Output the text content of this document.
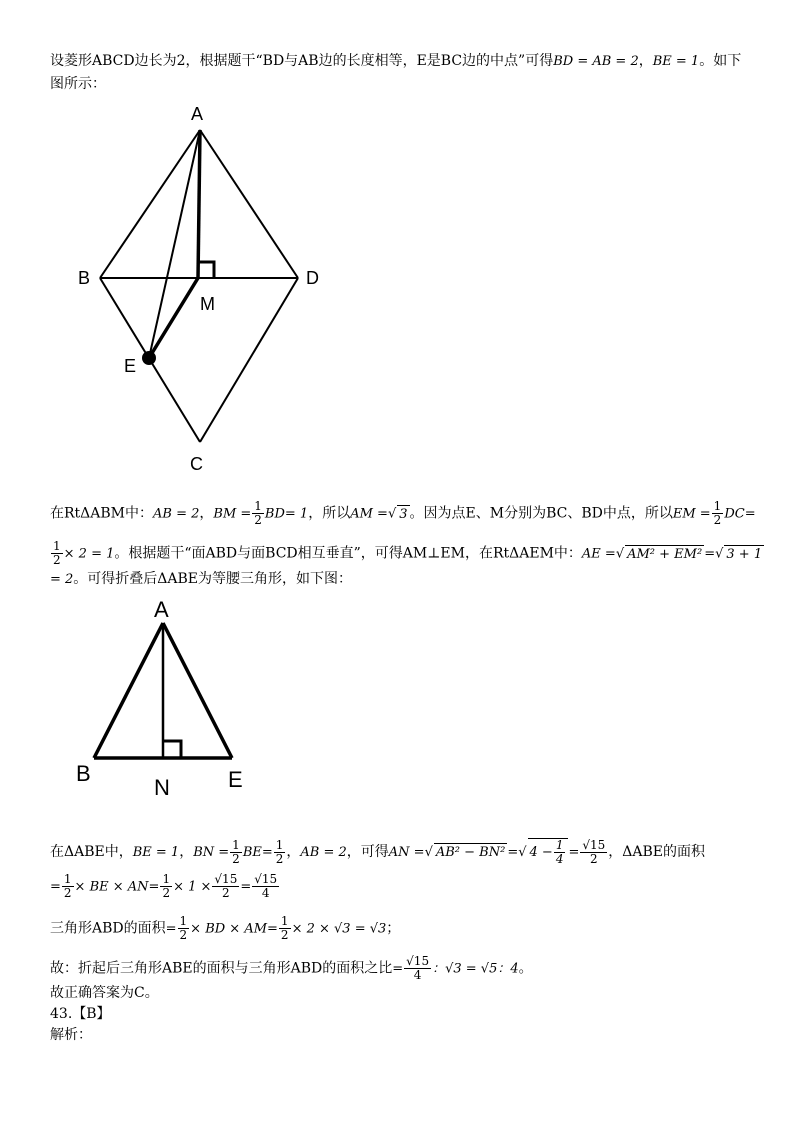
设菱形ABCD边长为2，根据题干“BD与AB边的长度相等，E是BC边的中点”可得BD = AB = 2，BE = 1。如下
图所示：
A
B	D
M
E
C
在RtΔABM中：AB = 2，BM = $\frac{1}{2} BD= 1$，所以AM =√ 3 。因为点E、M分别为BC、BD中点，所以EM = $\frac{1}{2} DC=$
$\frac{1}{2} \times 2 = 1$。根据题干“面ABD与面BCD相互垂直”，可得AM⊥EM，在RtΔAEM中：AE =√ AM² + EM² =√ 3 + 1
= 2。可得折叠后ΔABE为等腰三角形，如下图：
A
B
N	E
在ΔABE中，BE = 1，BN = $\frac{1}{2} BE= \frac{1}{2}$ ，AB = 2，可得AN =√ AB² − BN² =√ $4 - \frac{1}{4} = \frac{√15}{2}$ ，ΔABE的面积
= $\frac{1}{2}$ × BE × $AN= \frac{1}{2} \times 1 \times \frac{√15}{2} = \frac{√15}{4}$
三角形ABD的面积= $\frac{1}{2}$ × BD × $AM= \frac{1}{2} \times 2 \times √3 = √3$；
故：折起后三角形ABE的面积与三角形ABD的面积之比= $\frac{√15}{4}$ ：√3 = √5：4。
故正确答案为C。
43.【B】
解析：
